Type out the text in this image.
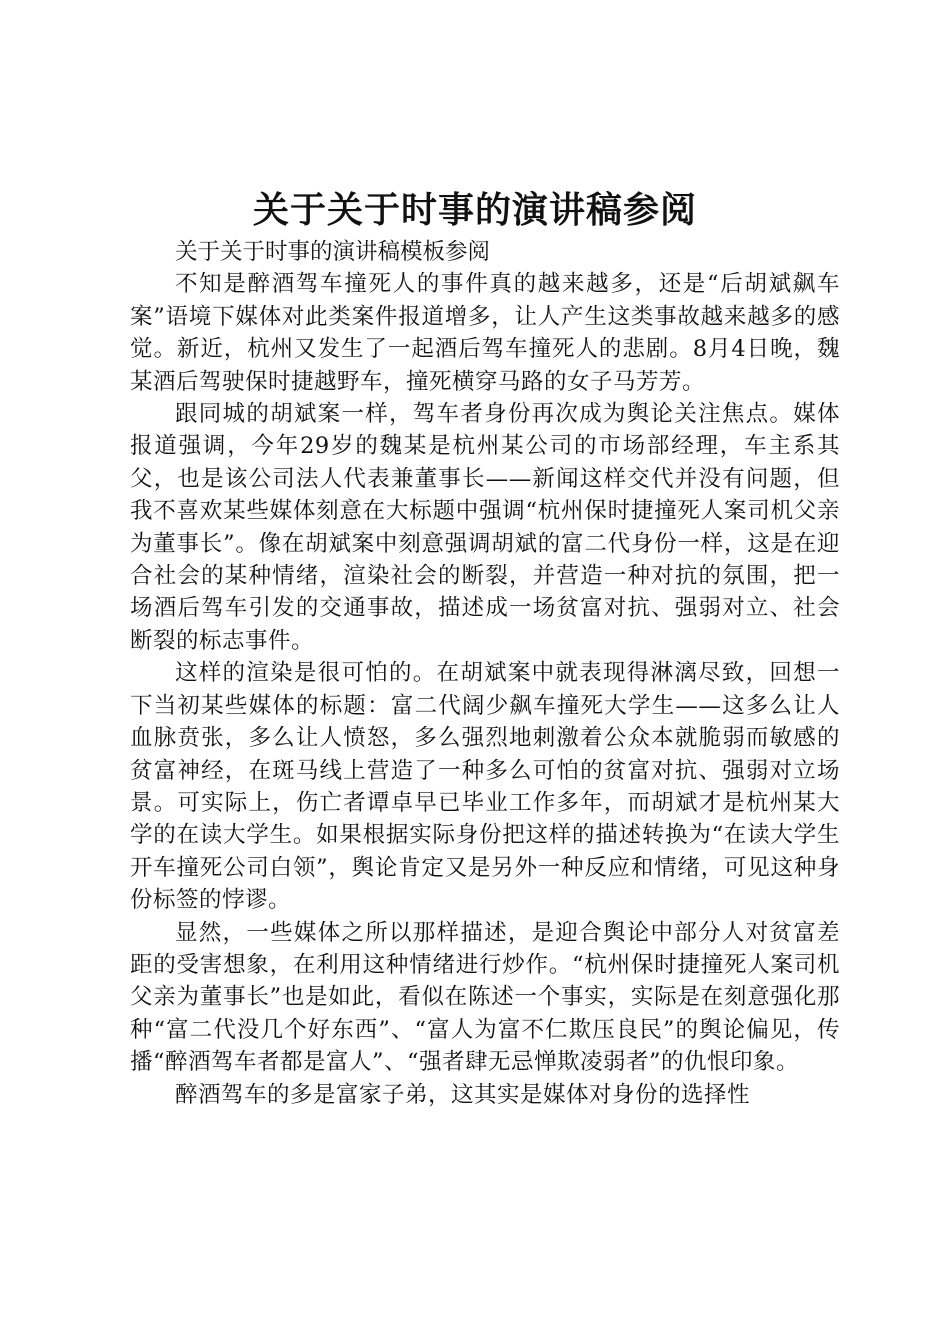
关于关于时事的演讲稿参阅

关于关于时事的演讲稿模板参阅

不知是醉酒驾车撞死人的事件真的越来越多，还是“后胡斌飙车案”语境下媒体对此类案件报道增多，让人产生这类事故越来越多的感觉。新近，杭州又发生了一起酒后驾车撞死人的悲剧。8月4日晚，魏某酒后驾驶保时捷越野车，撞死横穿马路的女子马芳芳。

跟同城的胡斌案一样，驾车者身份再次成为舆论关注焦点。媒体报道强调，今年29岁的魏某是杭州某公司的市场部经理，车主系其父，也是该公司法人代表兼董事长——新闻这样交代并没有问题，但我不喜欢某些媒体刻意在大标题中强调“杭州保时捷撞死人案司机父亲为董事长”。像在胡斌案中刻意强调胡斌的富二代身份一样，这是在迎合社会的某种情绪，渲染社会的断裂，并营造一种对抗的氛围，把一场酒后驾车引发的交通事故，描述成一场贫富对抗、强弱对立、社会断裂的标志事件。

这样的渲染是很可怕的。在胡斌案中就表现得淋漓尽致，回想一下当初某些媒体的标题：富二代阔少飙车撞死大学生——这多么让人血脉贲张，多么让人愤怒，多么强烈地刺激着公众本就脆弱而敏感的贫富神经，在斑马线上营造了一种多么可怕的贫富对抗、强弱对立场景。可实际上，伤亡者谭卓早已毕业工作多年，而胡斌才是杭州某大学的在读大学生。如果根据实际身份把这样的描述转换为“在读大学生开车撞死公司白领”，舆论肯定又是另外一种反应和情绪，可见这种身份标签的悖谬。

显然，一些媒体之所以那样描述，是迎合舆论中部分人对贫富差距的受害想象，在利用这种情绪进行炒作。“杭州保时捷撞死人案司机父亲为董事长”也是如此，看似在陈述一个事实，实际是在刻意强化那种“富二代没几个好东西”、“富人为富不仁欺压良民”的舆论偏见，传播“醉酒驾车者都是富人”、“强者肆无忌惮欺凌弱者”的仇恨印象。

醉酒驾车的多是富家子弟，这其实是媒体对身份的选择性
